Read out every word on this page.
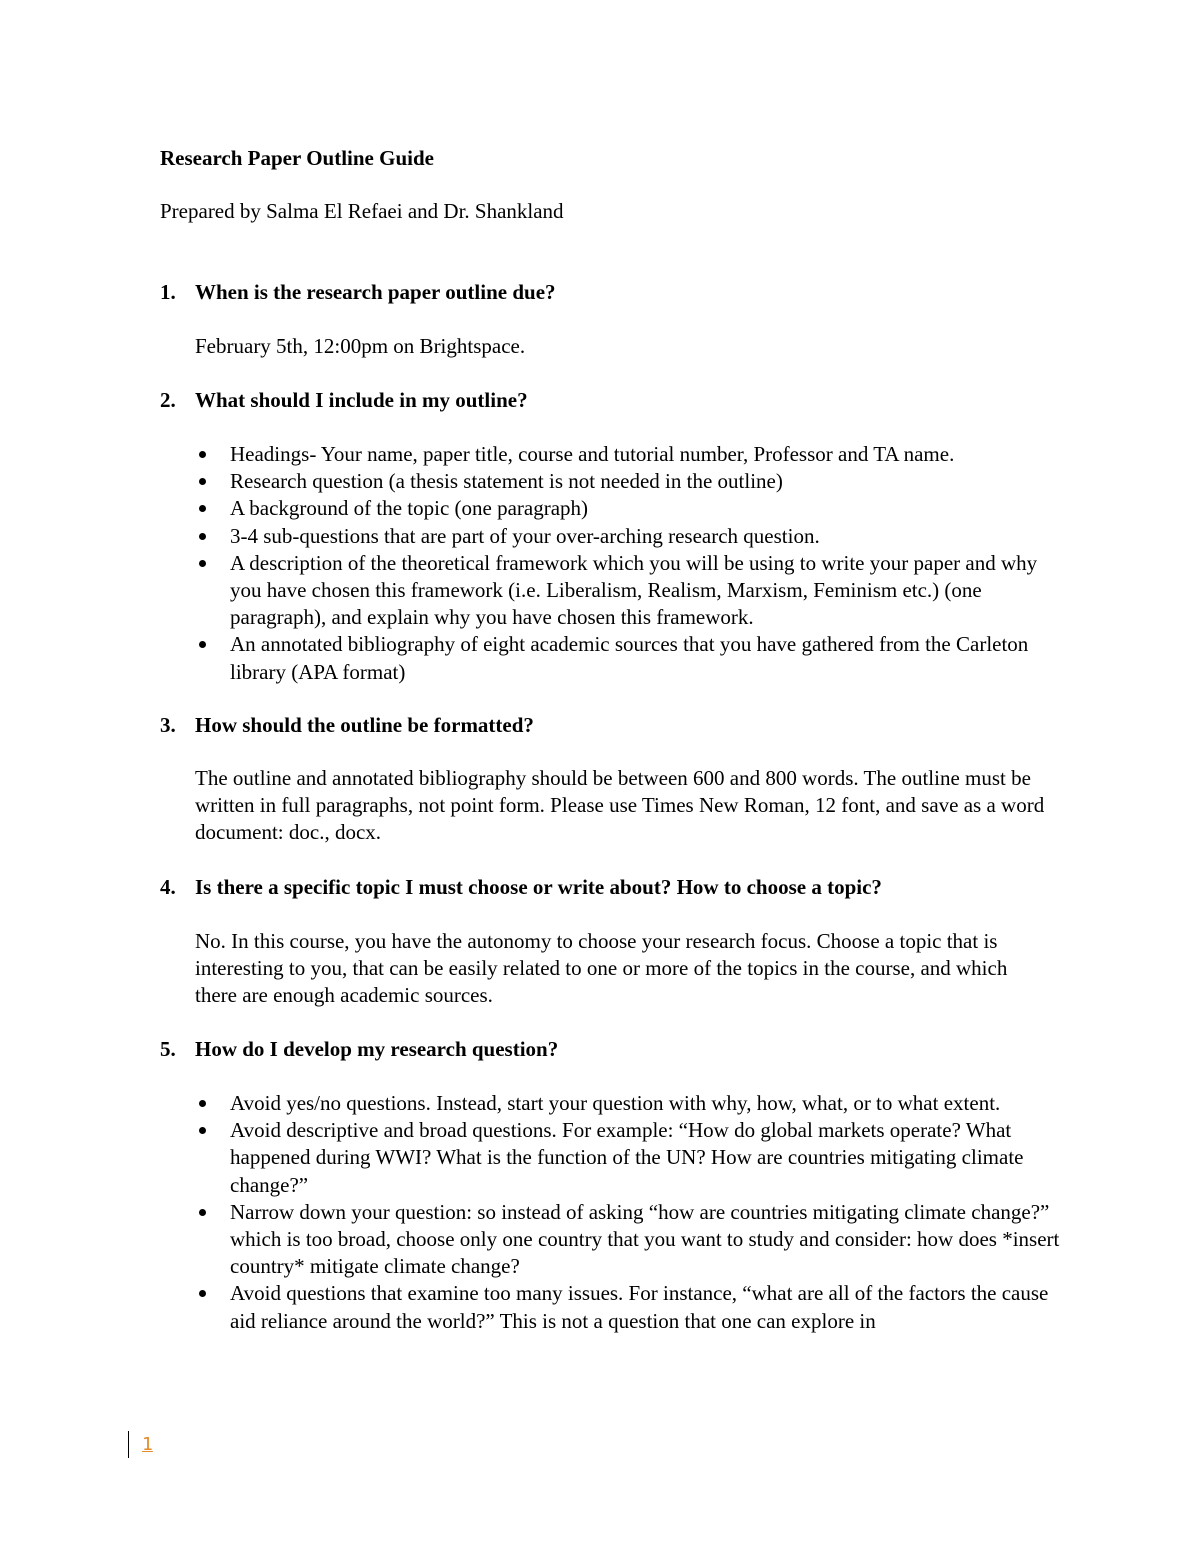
Research Paper Outline Guide
Prepared by Salma El Refaei and Dr. Shankland
1. When is the research paper outline due?
February 5th, 12:00pm on Brightspace.
2. What should I include in my outline?
Headings- Your name, paper title, course and tutorial number, Professor and TA name.
Research question (a thesis statement is not needed in the outline)
A background of the topic (one paragraph)
3-4 sub-questions that are part of your over-arching research question.
A description of the theoretical framework which you will be using to write your paper and why you have chosen this framework (i.e. Liberalism, Realism, Marxism, Feminism etc.) (one paragraph), and explain why you have chosen this framework.
An annotated bibliography of eight academic sources that you have gathered from the Carleton library (APA format)
3. How should the outline be formatted?
The outline and annotated bibliography should be between 600 and 800 words. The outline must be written in full paragraphs, not point form. Please use Times New Roman, 12 font, and save as a word document: doc., docx.
4. Is there a specific topic I must choose or write about? How to choose a topic?
No. In this course, you have the autonomy to choose your research focus. Choose a topic that is interesting to you, that can be easily related to one or more of the topics in the course, and which there are enough academic sources.
5. How do I develop my research question?
Avoid yes/no questions. Instead, start your question with why, how, what, or to what extent.
Avoid descriptive and broad questions. For example: “How do global markets operate? What happened during WWI? What is the function of the UN? How are countries mitigating climate change?”
Narrow down your question: so instead of asking “how are countries mitigating climate change?” which is too broad, choose only one country that you want to study and consider: how does *insert country* mitigate climate change?
Avoid questions that examine too many issues. For instance, “what are all of the factors the cause aid reliance around the world?” This is not a question that one can explore in
1
